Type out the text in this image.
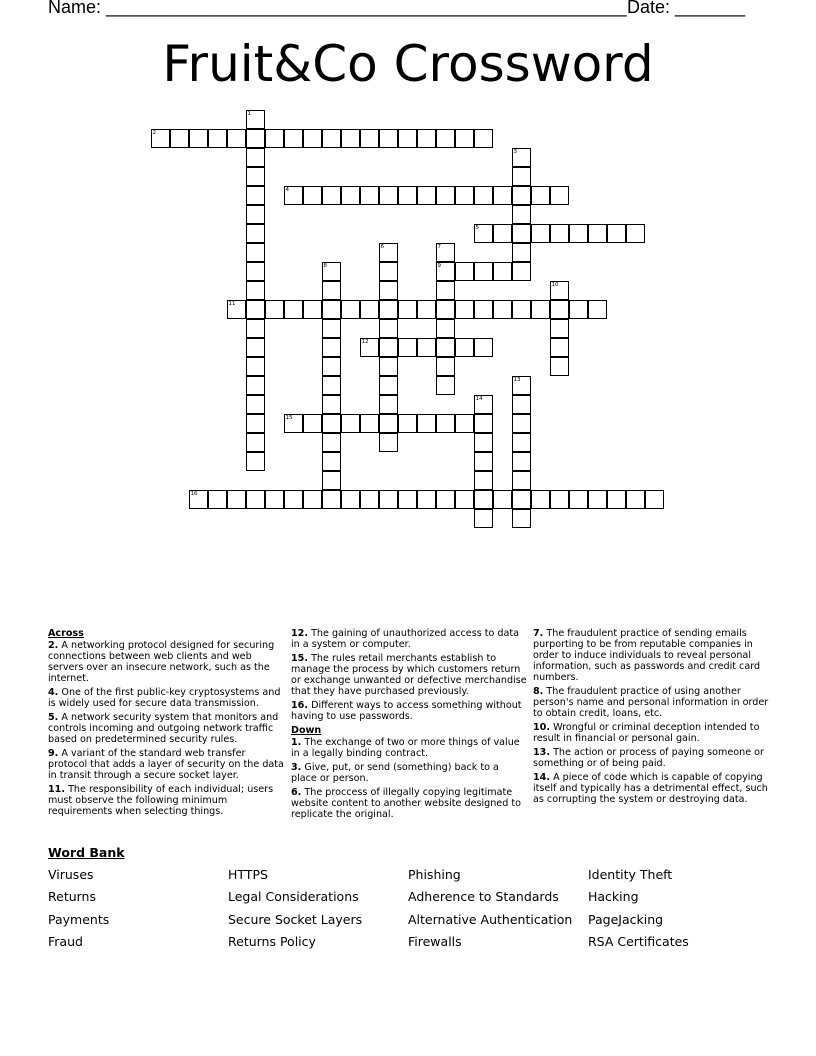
Name: ____________________________________________________ Date: _______
Fruit&Co Crossword
2
4
5
9
11
12
15
16
1
3
6	7
8
10
13
14
Across
2. A networking protocol designed for securing connections between web clients and web servers over an insecure network, such as the internet.
4. One of the first public-key cryptosystems and is widely used for secure data transmission.
5. A network security system that monitors and controls incoming and outgoing network traffic based on predetermined security rules.
9. A variant of the standard web transfer protocol that adds a layer of security on the data in transit through a secure socket layer.
11. The responsibility of each individual; users must observe the following minimum requirements when selecting things.
12. The gaining of unauthorized access to data in a system or computer.
15. The rules retail merchants establish to manage the process by which customers return or exchange unwanted or defective merchandise that they have purchased previously.
16. Different ways to access something without having to use passwords.
Down
1. The exchange of two or more things of value in a legally binding contract.
3. Give, put, or send (something) back to a place or person.
6. The proccess of illegally copying legitimate website content to another website designed to replicate the original.
7. The fraudulent practice of sending emails purporting to be from reputable companies in order to induce individuals to reveal personal information, such as passwords and credit card numbers.
8. The fraudulent practice of using another person's name and personal information in order to obtain credit, loans, etc.
10. Wrongful or criminal deception intended to result in financial or personal gain.
13. The action or process of paying someone or something or of being paid.
14. A piece of code which is capable of copying itself and typically has a detrimental effect, such as corrupting the system or destroying data.
Word Bank
Viruses
Returns
Payments
Fraud
HTTPS
Legal Considerations
Secure Socket Layers
Returns Policy
Phishing
Adherence to Standards
Alternative Authentication
Firewalls
Identity Theft
Hacking
PageJacking
RSA Certificates
